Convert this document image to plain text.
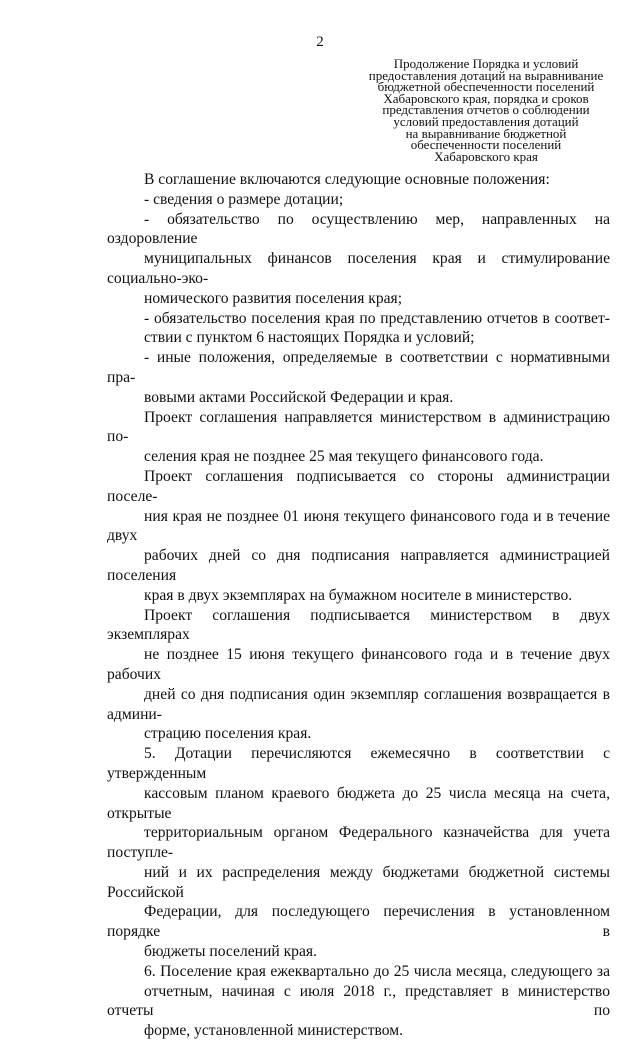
2
Продолжение Порядка и условий
предоставления дотаций на выравнивание
бюджетной обеспеченности поселений
Хабаровского края, порядка и сроков
представления отчетов о соблюдении
условий предоставления дотаций
на выравнивание бюджетной
обеспеченности поселений
Хабаровского края

В соглашение включаются следующие основные положения:

- сведения о размере дотации;

- обязательство по осуществлению мер, направленных на оздоровление
муниципальных финансов поселения края и стимулирование социально-эко-
номического развития поселения края;

- обязательство поселения края по представлению отчетов в соответ-
ствии с пунктом 6 настоящих Порядка и условий;

- иные положения, определяемые в соответствии с нормативными пра-
вовыми актами Российской Федерации и края.

Проект соглашения направляется министерством в администрацию по-
селения края не позднее 25 мая текущего финансового года.

Проект соглашения подписывается со стороны администрации поселе-
ния края не позднее 01 июня текущего финансового года и в течение двух
рабочих дней со дня подписания направляется администрацией поселения
края в двух экземплярах на бумажном носителе в министерство.

Проект соглашения подписывается министерством в двух экземплярах
не позднее 15 июня текущего финансового года и в течение двух рабочих
дней со дня подписания один экземпляр соглашения возвращается в админи-
страцию поселения края.

5. Дотации перечисляются ежемесячно в соответствии с утвержденным
кассовым планом краевого бюджета до 25 числа месяца на счета, открытые
территориальным органом Федерального казначейства для учета поступле-
ний и их распределения между бюджетами бюджетной системы Российской
Федерации, для последующего перечисления в установленном порядке в
бюджеты поселений края.

6. Поселение края ежеквартально до 25 числа месяца, следующего за
отчетным, начиная с июля 2018 г., представляет в министерство отчеты по
форме, установленной министерством.
